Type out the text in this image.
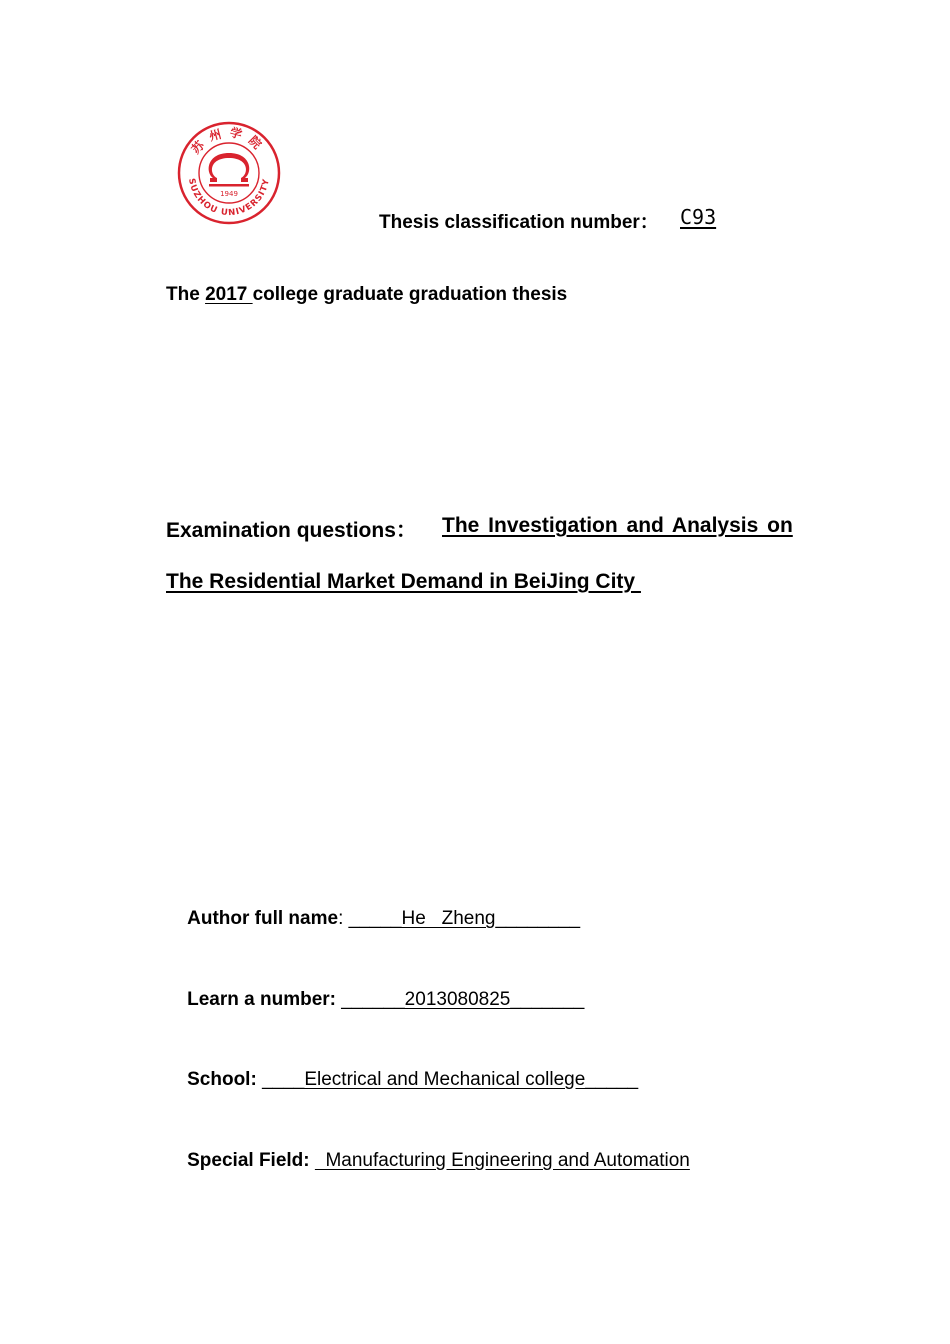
苏州学院
SUZHOU UNIVERSITY
1949
Thesis classification number： C93
The 2017 college graduate graduation thesis
Examination questions： The Investigation and Analysis on
The Residential Market Demand in BeiJing City

Author full name: _____He   Zheng________

Learn a number: ______2013080825_______

School: ____Electrical and Mechanical college_____

Special Field:   Manufacturing Engineering and Automation
